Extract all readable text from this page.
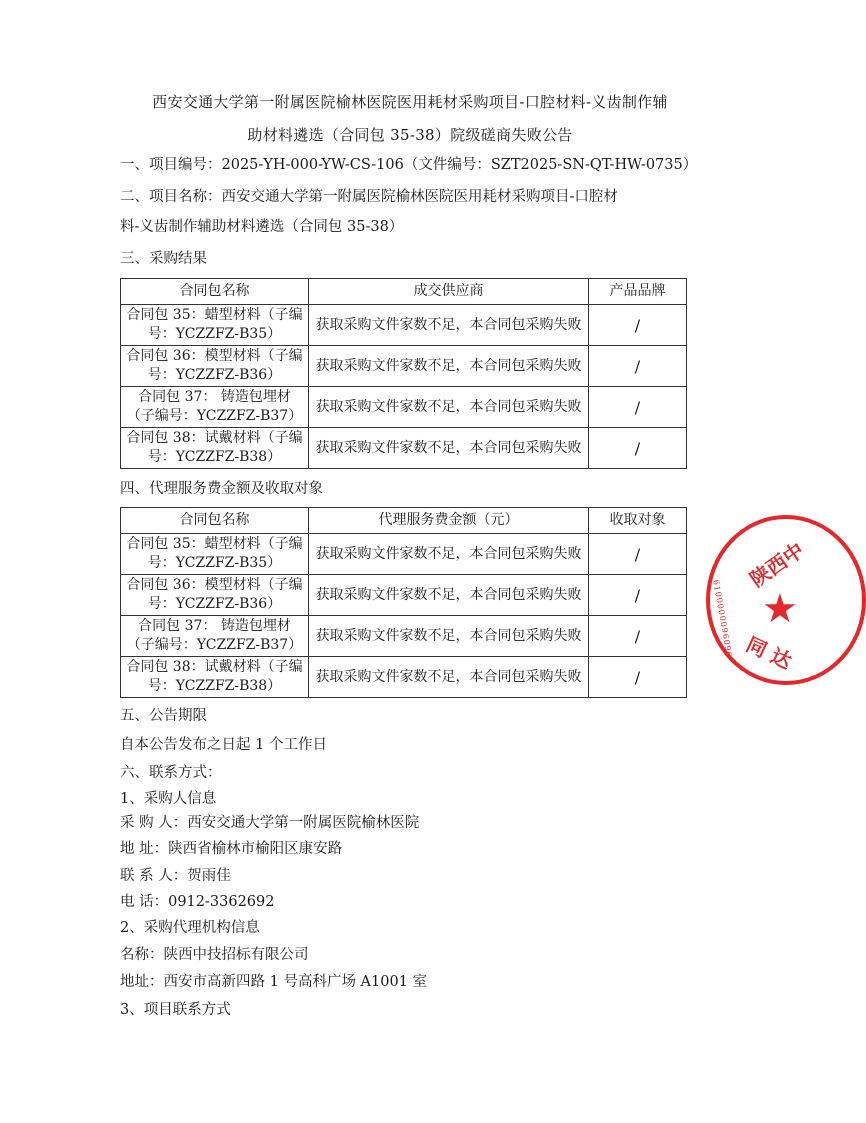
西安交通大学第一附属医院榆林医院医用耗材采购项目-口腔材料-义齿制作辅
助材料遴选（合同包 35-38）院级磋商失败公告
一、项目编号：2025-YH-000-YW-CS-106（文件编号：SZT2025-SN-QT-HW-0735）
二、项目名称：西安交通大学第一附属医院榆林医院医用耗材采购项目-口腔材
料-义齿制作辅助材料遴选（合同包 35-38）
三、采购结果
合同包名称	成交供应商	产品品牌
合同包 35：蜡型材料（子编号：YCZZFZ-B35）	获取采购文件家数不足，本合同包采购失败	/
合同包 36：模型材料（子编号：YCZZFZ-B36）	获取采购文件家数不足，本合同包采购失败	/
合同包 37： 铸造包埋材（子编号：YCZZFZ-B37）	获取采购文件家数不足，本合同包采购失败	/
合同包 38：试戴材料（子编号：YCZZFZ-B38）	获取采购文件家数不足，本合同包采购失败	/
四、代理服务费金额及收取对象
合同包名称	代理服务费金额（元）	收取对象
合同包 35：蜡型材料（子编号：YCZZFZ-B35）	获取采购文件家数不足，本合同包采购失败	/
合同包 36：模型材料（子编号：YCZZFZ-B36）	获取采购文件家数不足，本合同包采购失败	/
合同包 37： 铸造包埋材（子编号：YCZZFZ-B37）	获取采购文件家数不足，本合同包采购失败	/
合同包 38：试戴材料（子编号：YCZZFZ-B38）	获取采购文件家数不足，本合同包采购失败	/
五、公告期限
自本公告发布之日起 1 个工作日
六、联系方式：
1、采购人信息
采 购 人：西安交通大学第一附属医院榆林医院
地 址：陕西省榆林市榆阳区康安路
联 系 人：贺雨佳
电 话：0912-3362692
2、采购代理机构信息
名称：陕西中技招标有限公司
地址：西安市高新四路 1 号高科广场 A1001 室
3、项目联系方式
陕西中
★
6100000096096 同 达
